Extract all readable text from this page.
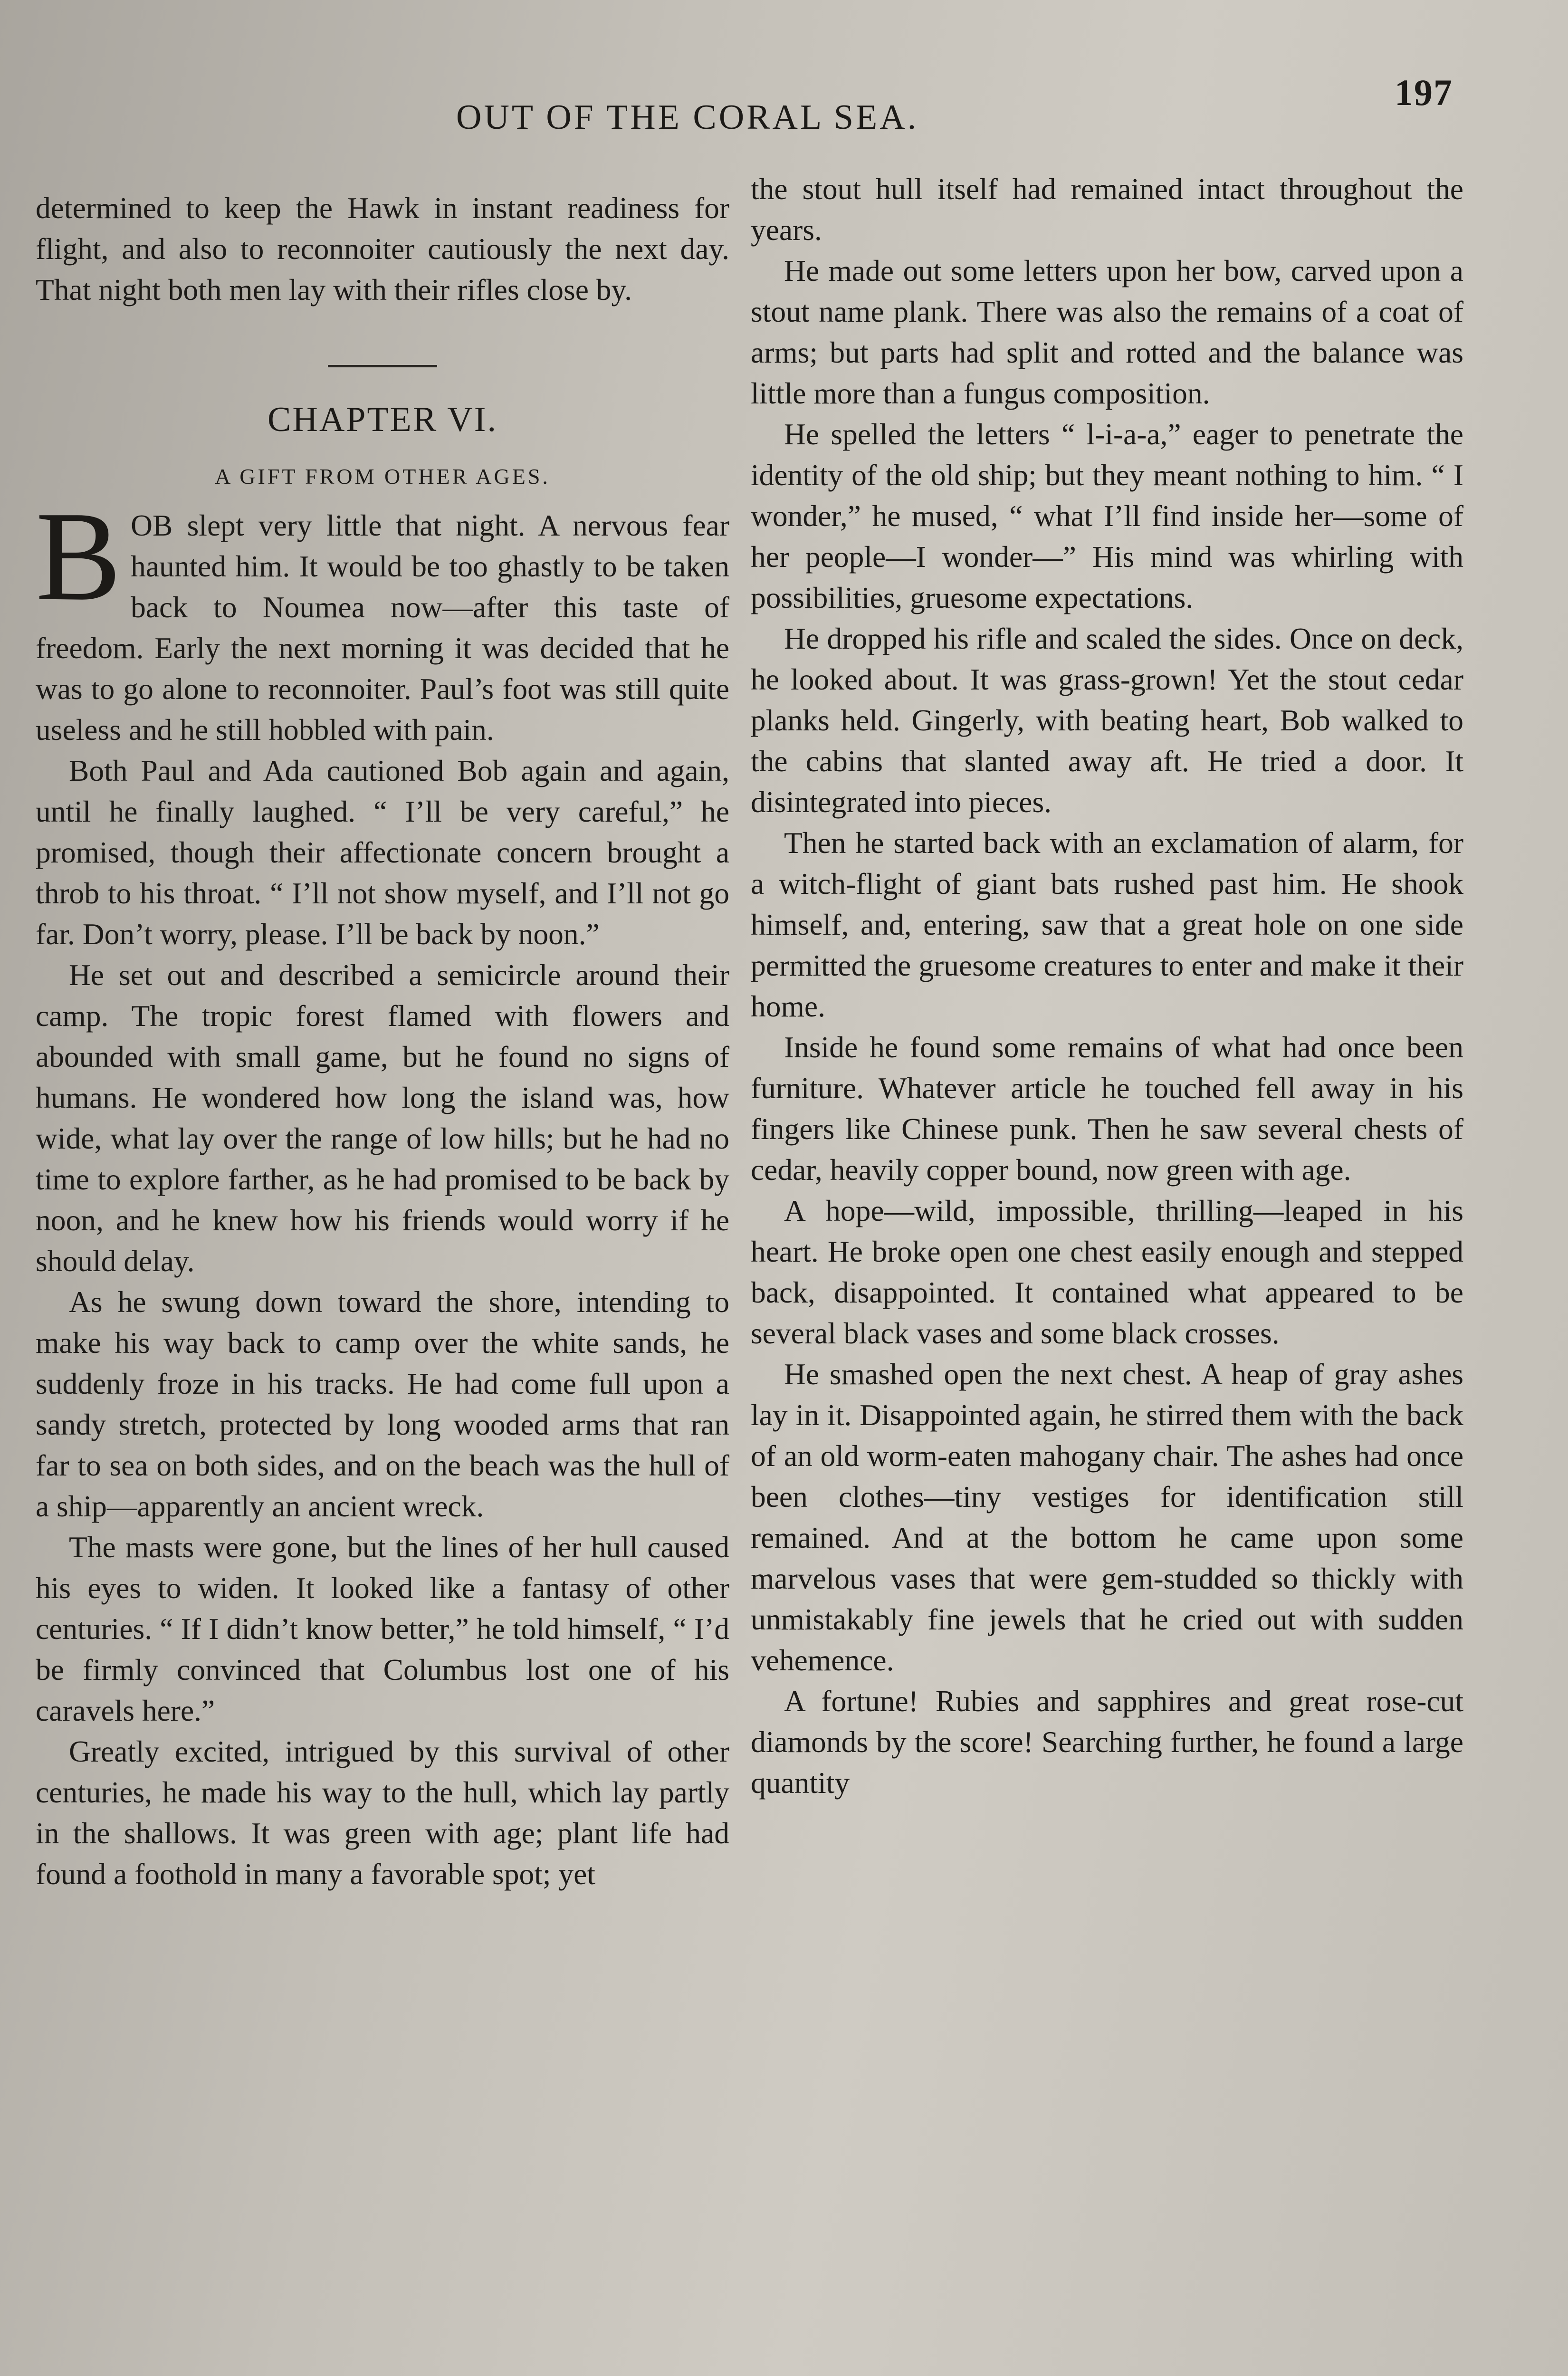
OUT OF THE CORAL SEA.
197

determined to keep the Hawk in instant readiness for flight, and also to reconnoiter cautiously the next day. That night both men lay with their rifles close by.

CHAPTER VI.
A GIFT FROM OTHER AGES.

BOB slept very little that night. A nervous fear haunted him. It would be too ghastly to be taken back to Noumea now—after this taste of freedom. Early the next morning it was decided that he was to go alone to reconnoiter. Paul’s foot was still quite useless and he still hobbled with pain.

Both Paul and Ada cautioned Bob again and again, until he finally laughed. “ I’ll be very careful,” he promised, though their affectionate concern brought a throb to his throat. “ I’ll not show myself, and I’ll not go far. Don’t worry, please. I’ll be back by noon.”

He set out and described a semicircle around their camp. The tropic forest flamed with flowers and abounded with small game, but he found no signs of humans. He wondered how long the island was, how wide, what lay over the range of low hills; but he had no time to explore farther, as he had promised to be back by noon, and he knew how his friends would worry if he should delay.

As he swung down toward the shore, intending to make his way back to camp over the white sands, he suddenly froze in his tracks. He had come full upon a sandy stretch, protected by long wooded arms that ran far to sea on both sides, and on the beach was the hull of a ship—apparently an ancient wreck.

The masts were gone, but the lines of her hull caused his eyes to widen. It looked like a fantasy of other centuries. “ If I didn’t know better,” he told himself, “ I’d be firmly convinced that Columbus lost one of his caravels here.”

Greatly excited, intrigued by this survival of other centuries, he made his way to the hull, which lay partly in the shallows. It was green with age; plant life had found a foothold in many a favorable spot; yet

the stout hull itself had remained intact throughout the years.

He made out some letters upon her bow, carved upon a stout name plank. There was also the remains of a coat of arms; but parts had split and rotted and the balance was little more than a fungus composition.

He spelled the letters “ l-i-a-a,” eager to penetrate the identity of the old ship; but they meant nothing to him. “ I wonder,” he mused, “ what I’ll find inside her—some of her people—I wonder—” His mind was whirling with possibilities, gruesome expectations.

He dropped his rifle and scaled the sides. Once on deck, he looked about. It was grass-grown! Yet the stout cedar planks held. Gingerly, with beating heart, Bob walked to the cabins that slanted away aft. He tried a door. It disintegrated into pieces.

Then he started back with an exclamation of alarm, for a witch-flight of giant bats rushed past him. He shook himself, and, entering, saw that a great hole on one side permitted the gruesome creatures to enter and make it their home.

Inside he found some remains of what had once been furniture. Whatever article he touched fell away in his fingers like Chinese punk. Then he saw several chests of cedar, heavily copper bound, now green with age.

A hope—wild, impossible, thrilling—leaped in his heart. He broke open one chest easily enough and stepped back, disappointed. It contained what appeared to be several black vases and some black crosses.

He smashed open the next chest. A heap of gray ashes lay in it. Disappointed again, he stirred them with the back of an old worm-eaten mahogany chair. The ashes had once been clothes—tiny vestiges for identification still remained. And at the bottom he came upon some marvelous vases that were gem-studded so thickly with unmistakably fine jewels that he cried out with sudden vehemence.

A fortune! Rubies and sapphires and great rose-cut diamonds by the score! Searching further, he found a large quantity
